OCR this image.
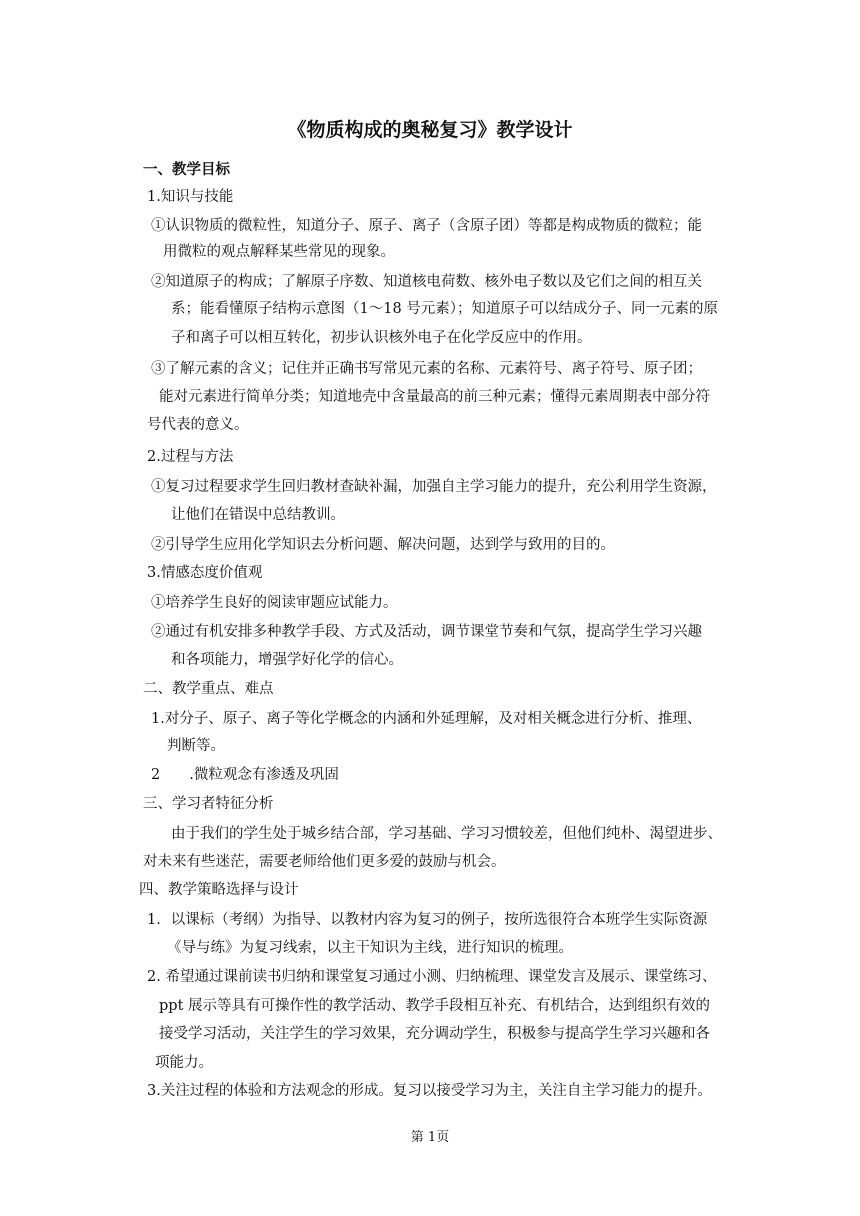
《物质构成的奥秘复习》教学设计
一、教学目标
1.知识与技能
①认识物质的微粒性，知道分子、原子、离子（含原子团）等都是构成物质的微粒；能
用微粒的观点解释某些常见的现象。
②知道原子的构成；了解原子序数、知道核电荷数、核外电子数以及它们之间的相互关
系；能看懂原子结构示意图（1～18 号元素）；知道原子可以结成分子、同一元素的原
子和离子可以相互转化，初步认识核外电子在化学反应中的作用。
③了解元素的含义；记住并正确书写常见元素的名称、元素符号、离子符号、原子团；
能对元素进行简单分类；知道地壳中含量最高的前三种元素；懂得元素周期表中部分符
号代表的意义。
2.过程与方法
①复习过程要求学生回归教材查缺补漏，加强自主学习能力的提升，充公利用学生资源，
让他们在错误中总结教训。
②引导学生应用化学知识去分析问题、解决问题，达到学与致用的目的。
3.情感态度价值观
①培养学生良好的阅读审题应试能力。
②通过有机安排多种教学手段、方式及活动，调节课堂节奏和气氛，提高学生学习兴趣
和各项能力，增强学好化学的信心。
二、教学重点、难点
1.对分子、原子、离子等化学概念的内涵和外延理解，及对相关概念进行分析、推理、
判断等。
2　　.微粒观念有渗透及巩固
三、学习者特征分析
由于我们的学生处于城乡结合部，学习基础、学习习惯较差，但他们纯朴、渴望进步、
对未来有些迷茫，需要老师给他们更多爱的鼓励与机会。
四、教学策略选择与设计
1．以课标（考纲）为指导、以教材内容为复习的例子，按所选很符合本班学生实际资源
《导与练》为复习线索，以主干知识为主线，进行知识的梳理。
2. 希望通过课前读书归纳和课堂复习通过小测、归纳梳理、课堂发言及展示、课堂练习、
ppt 展示等具有可操作性的教学活动、教学手段相互补充、有机结合，达到组织有效的
接受学习活动，关注学生的学习效果，充分调动学生，积极参与提高学生学习兴趣和各
项能力。
3.关注过程的体验和方法观念的形成。复习以接受学习为主，关注自主学习能力的提升。
第 1页
